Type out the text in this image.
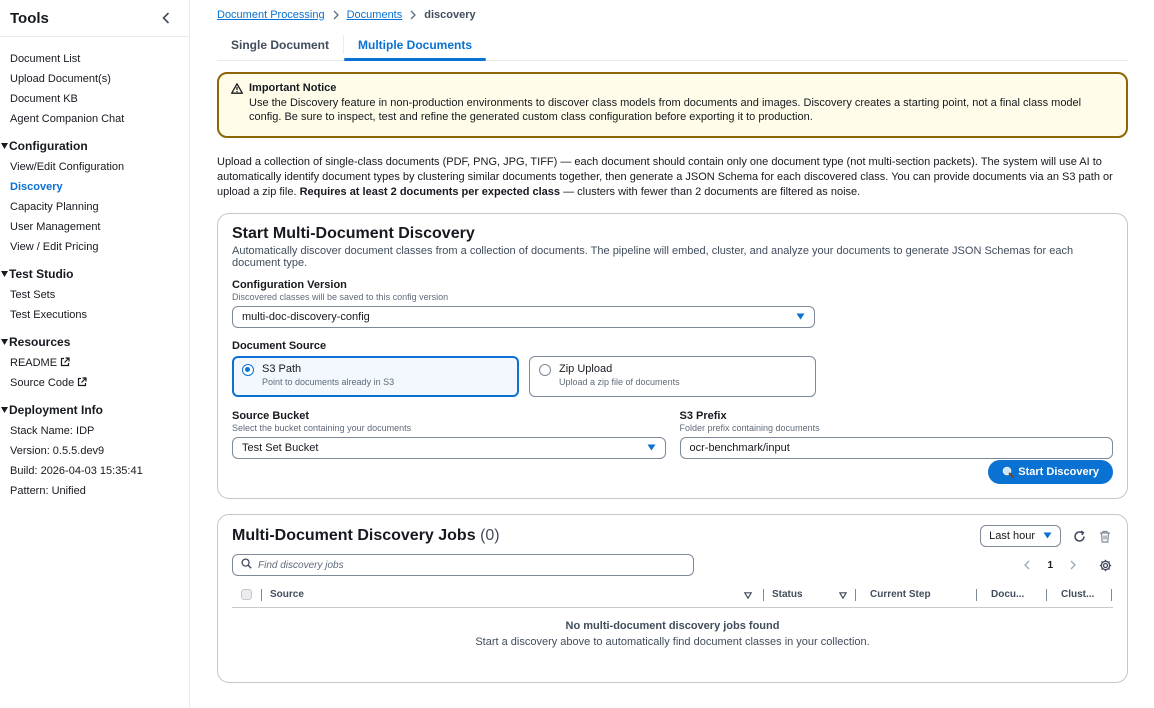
Tools
Document List
Upload Document(s)
Document KB
Agent Companion Chat
Configuration
View/Edit Configuration
Discovery
Capacity Planning
User Management
View / Edit Pricing
Test Studio
Test Sets
Test Executions
Resources
README
Source Code
Deployment Info
Stack Name: IDP
Version: 0.5.5.dev9
Build: 2026-04-03 15:35:41
Pattern: Unified
Document Processing Documents discovery
Single Document	Multiple Documents
Important Notice
Use the Discovery feature in non-production environments to discover class models from documents and images. Discovery creates a starting point, not a final class model config. Be sure to inspect, test and refine the generated custom class configuration before exporting it to production.
Upload a collection of single-class documents (PDF, PNG, JPG, TIFF) — each document should contain only one document type (not multi-section packets). The system will use AI to automatically identify document types by clustering similar documents together, then generate a JSON Schema for each discovered class. You can provide documents via an S3 path or upload a zip file. Requires at least 2 documents per expected class — clusters with fewer than 2 documents are filtered as noise.
Start Multi-Document Discovery
Automatically discover document classes from a collection of documents. The pipeline will embed, cluster, and analyze your documents to generate JSON Schemas for each document type.
Configuration Version
Discovered classes will be saved to this config version
multi-doc-discovery-config
Document Source
S3 Path
Point to documents already in S3
Zip Upload
Upload a zip file of documents
Source Bucket
Select the bucket containing your documents
Test Set Bucket
S3 Prefix
Folder prefix containing documents
ocr-benchmark/input
Start Discovery
Multi-Document Discovery Jobs (0)	Last hour
Find discovery jobs	1
Source	Status	Current Step	Docu...	Clust...
No multi-document discovery jobs found
Start a discovery above to automatically find document classes in your collection.
